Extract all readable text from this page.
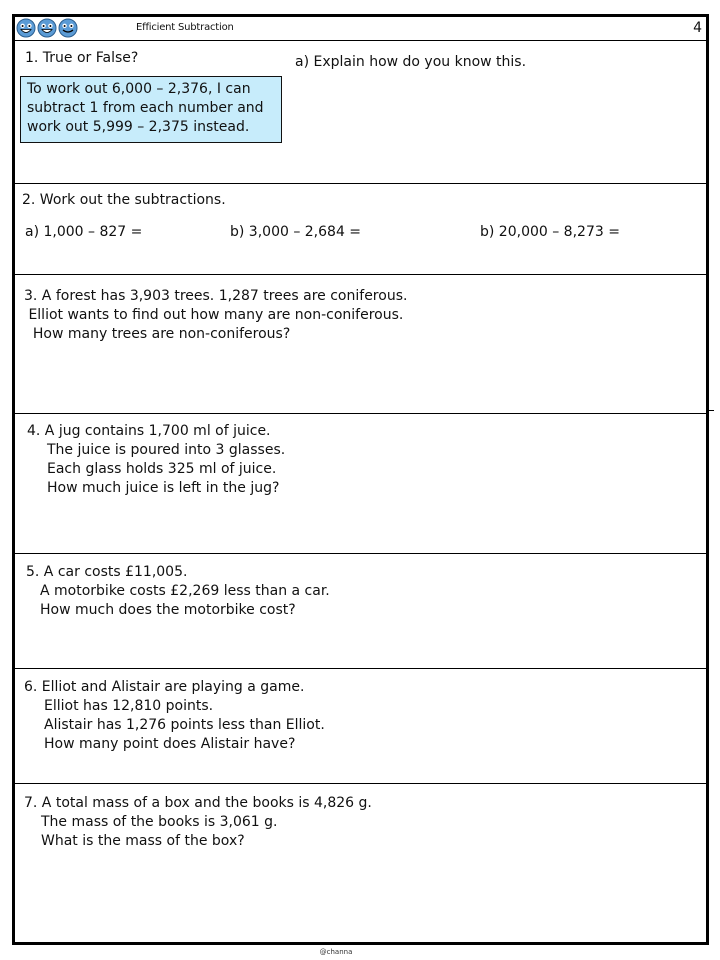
Efficient Subtraction	4
1. True or False?	a) Explain how do you know this.

To work out 6,000 – 2,376, I can

subtract 1 from each number and

work out 5,999 – 2,375 instead.

2. Work out the subtractions.
a) 1,000 – 827 =	b) 3,000 – 2,684 =	b) 20,000 – 8,273 =

3. A forest has 3,903 trees. 1,287 trees are coniferous.

Elliot wants to find out how many are non-coniferous.

How many trees are non-coniferous?

4. A jug contains 1,700 ml of juice.

The juice is poured into 3 glasses.

Each glass holds 325 ml of juice.

How much juice is left in the jug?

5. A car costs £11,005.

A motorbike costs £2,269 less than a car.

How much does the motorbike cost?

6. Elliot and Alistair are playing a game.

Elliot has 12,810 points.

Alistair has 1,276 points less than Elliot.

How many point does Alistair have?

7. A total mass of a box and the books is 4,826 g.

The mass of the books is 3,061 g.

What is the mass of the box?

@channa
